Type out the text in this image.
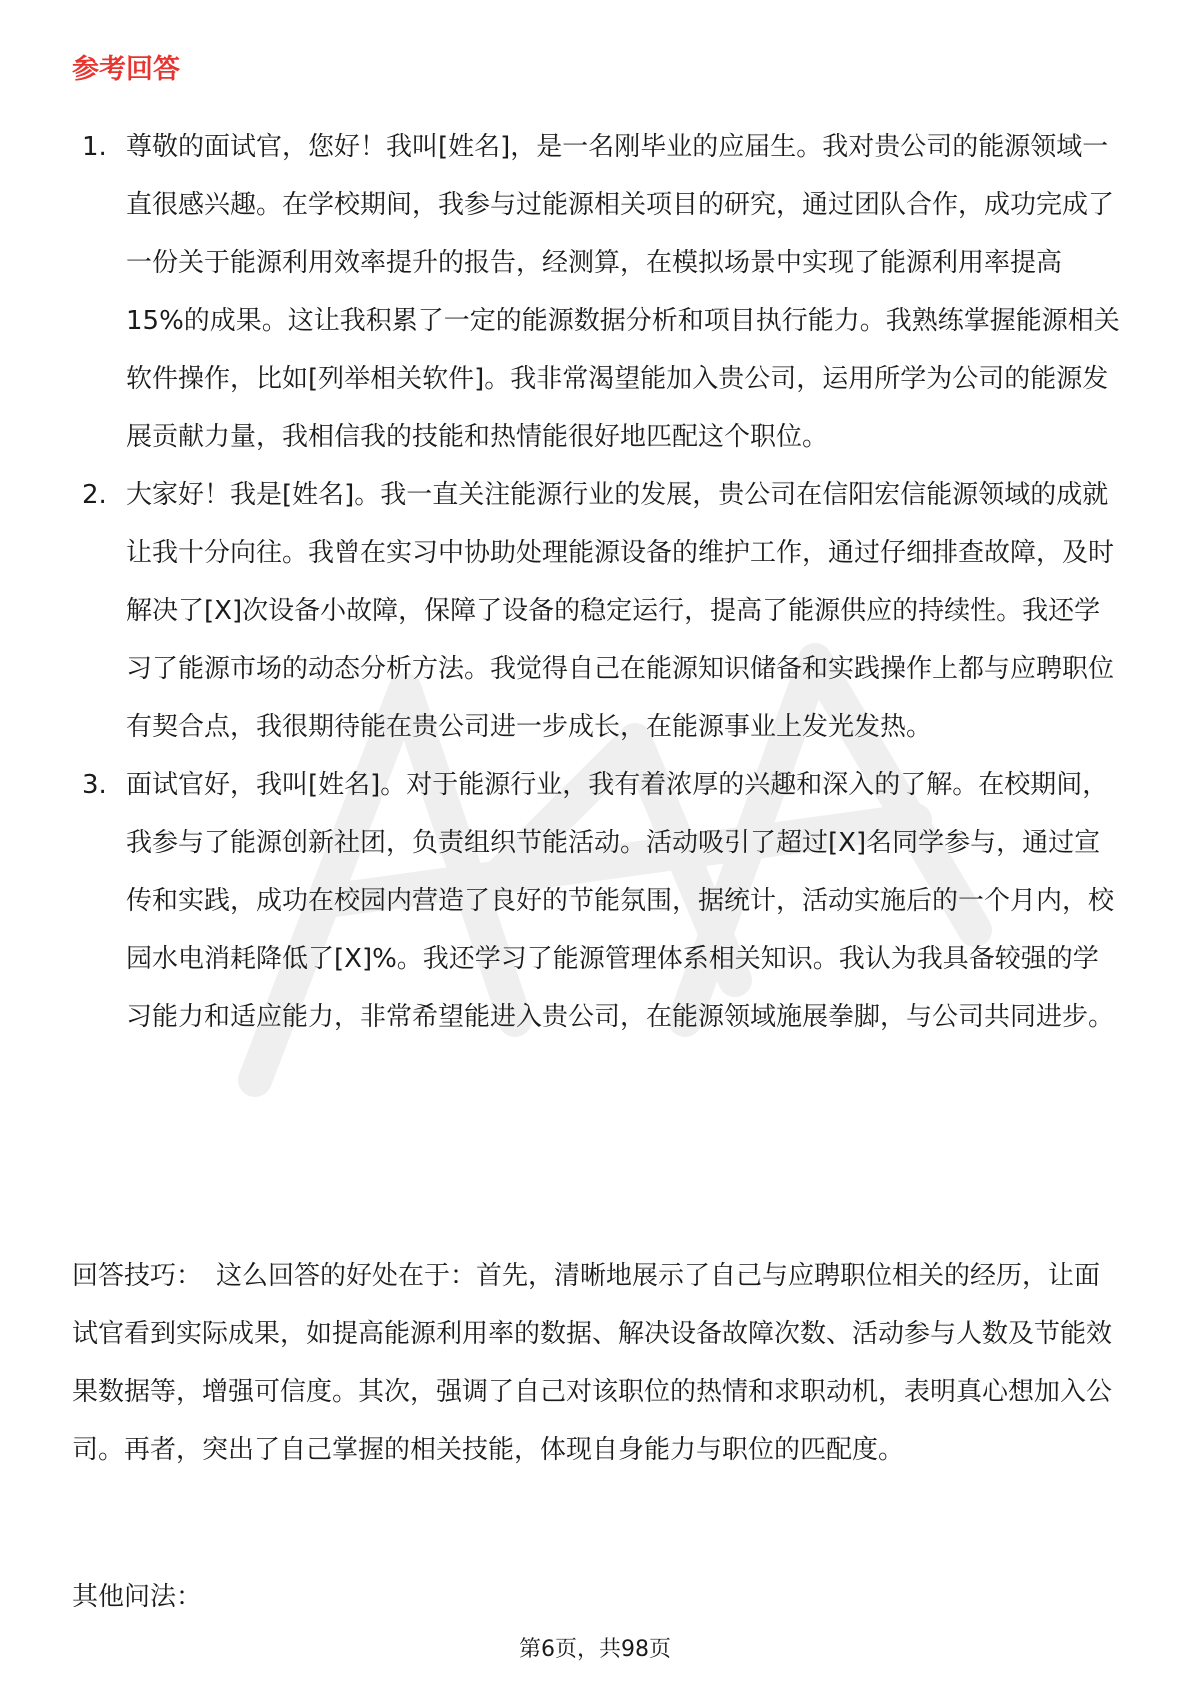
参考回答
1. 尊敬的面试官，您好！我叫[姓名]，是一名刚毕业的应届生。我对贵公司的能源领域一直很感兴趣。在学校期间，我参与过能源相关项目的研究，通过团队合作，成功完成了一份关于能源利用效率提升的报告，经测算，在模拟场景中实现了能源利用率提高 15%的成果。这让我积累了一定的能源数据分析和项目执行能力。我熟练掌握能源相关软件操作，比如[列举相关软件]。我非常渴望能加入贵公司，运用所学为公司的能源发展贡献力量，我相信我的技能和热情能很好地匹配这个职位。
2. 大家好！我是[姓名]。我一直关注能源行业的发展，贵公司在信阳宏信能源领域的成就让我十分向往。我曾在实习中协助处理能源设备的维护工作，通过仔细排查故障，及时解决了[X]次设备小故障，保障了设备的稳定运行，提高了能源供应的持续性。我还学习了能源市场的动态分析方法。我觉得自己在能源知识储备和实践操作上都与应聘职位有契合点，我很期待能在贵公司进一步成长，在能源事业上发光发热。
3. 面试官好，我叫[姓名]。对于能源行业，我有着浓厚的兴趣和深入的了解。在校期间，我参与了能源创新社团，负责组织节能活动。活动吸引了超过[X]名同学参与，通过宣传和实践，成功在校园内营造了良好的节能氛围，据统计，活动实施后的一个月内，校园水电消耗降低了[X]%。我还学习了能源管理体系相关知识。我认为我具备较强的学习能力和适应能力，非常希望能进入贵公司，在能源领域施展拳脚，与公司共同进步。

回答技巧： 这么回答的好处在于：首先，清晰地展示了自己与应聘职位相关的经历，让面试官看到实际成果，如提高能源利用率的数据、解决设备故障次数、活动参与人数及节能效果数据等，增强可信度。其次，强调了自己对该职位的热情和求职动机，表明真心想加入公司。再者，突出了自己掌握的相关技能，体现自身能力与职位的匹配度。

其他问法：

第6页，共98页
